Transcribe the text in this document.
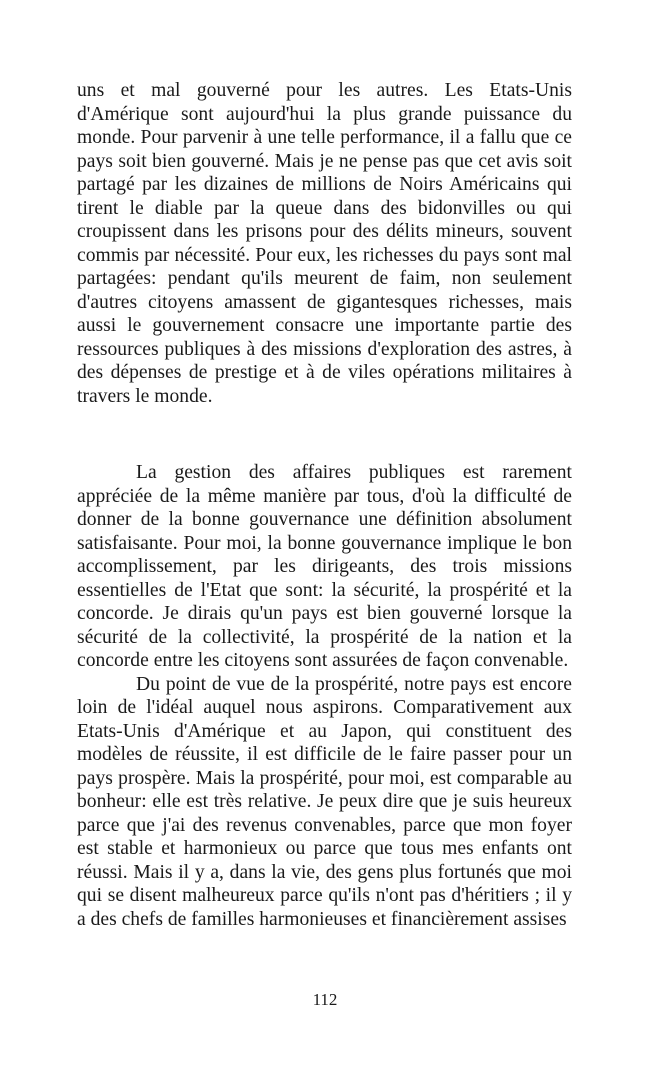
uns et mal gouverné pour les autres. Les Etats-Unis d'Amérique sont aujourd'hui la plus grande puissance du monde. Pour parvenir à une telle performance, il a fallu que ce pays soit bien gouverné. Mais je ne pense pas que cet avis soit partagé par les dizaines de millions de Noirs Américains qui tirent le diable par la queue dans des bidonvilles ou qui croupissent dans les prisons pour des délits mineurs, souvent commis par nécessité. Pour eux, les richesses du pays sont mal partagées: pendant qu'ils meurent de faim, non seulement d'autres citoyens amassent de gigantesques richesses, mais aussi le gouvernement consacre une importante partie des ressources publiques à des missions d'exploration des astres, à des dépenses de prestige et à de viles opérations militaires à travers le monde.

La gestion des affaires publiques est rarement appréciée de la même manière par tous, d'où la difficulté de donner de la bonne gouvernance une définition absolument satisfaisante. Pour moi, la bonne gouvernance implique le bon accomplissement, par les dirigeants, des trois missions essentielles de l'Etat que sont: la sécurité, la prospérité et la concorde. Je dirais qu'un pays est bien gouverné lorsque la sécurité de la collectivité, la prospérité de la nation et la concorde entre les citoyens sont assurées de façon convenable.

Du point de vue de la prospérité, notre pays est encore loin de l'idéal auquel nous aspirons. Comparativement aux Etats-Unis d'Amérique et au Japon, qui constituent des modèles de réussite, il est difficile de le faire passer pour un pays prospère. Mais la prospérité, pour moi, est comparable au bonheur: elle est très relative. Je peux dire que je suis heureux parce que j'ai des revenus convenables, parce que mon foyer est stable et harmonieux ou parce que tous mes enfants ont réussi. Mais il y a, dans la vie, des gens plus fortunés que moi qui se disent malheureux parce qu'ils n'ont pas d'héritiers ; il y a des chefs de familles harmonieuses et financièrement assises

112
